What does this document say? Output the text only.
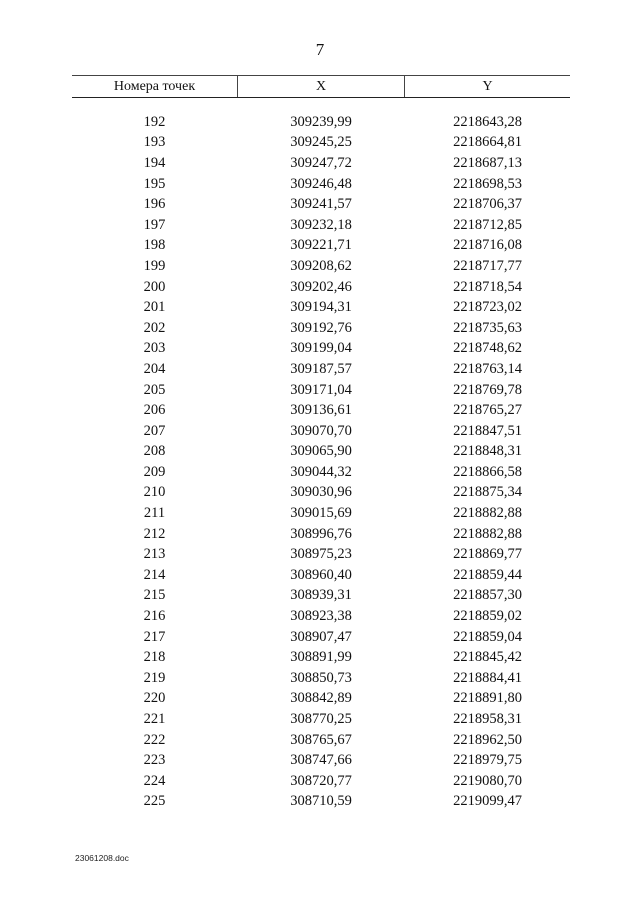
7
Номера точек	X	Y
192	309239,99	2218643,28
193	309245,25	2218664,81
194	309247,72	2218687,13
195	309246,48	2218698,53
196	309241,57	2218706,37
197	309232,18	2218712,85
198	309221,71	2218716,08
199	309208,62	2218717,77
200	309202,46	2218718,54
201	309194,31	2218723,02
202	309192,76	2218735,63
203	309199,04	2218748,62
204	309187,57	2218763,14
205	309171,04	2218769,78
206	309136,61	2218765,27
207	309070,70	2218847,51
208	309065,90	2218848,31
209	309044,32	2218866,58
210	309030,96	2218875,34
211	309015,69	2218882,88
212	308996,76	2218882,88
213	308975,23	2218869,77
214	308960,40	2218859,44
215	308939,31	2218857,30
216	308923,38	2218859,02
217	308907,47	2218859,04
218	308891,99	2218845,42
219	308850,73	2218884,41
220	308842,89	2218891,80
221	308770,25	2218958,31
222	308765,67	2218962,50
223	308747,66	2218979,75
224	308720,77	2219080,70
225	308710,59	2219099,47
23061208.doc
